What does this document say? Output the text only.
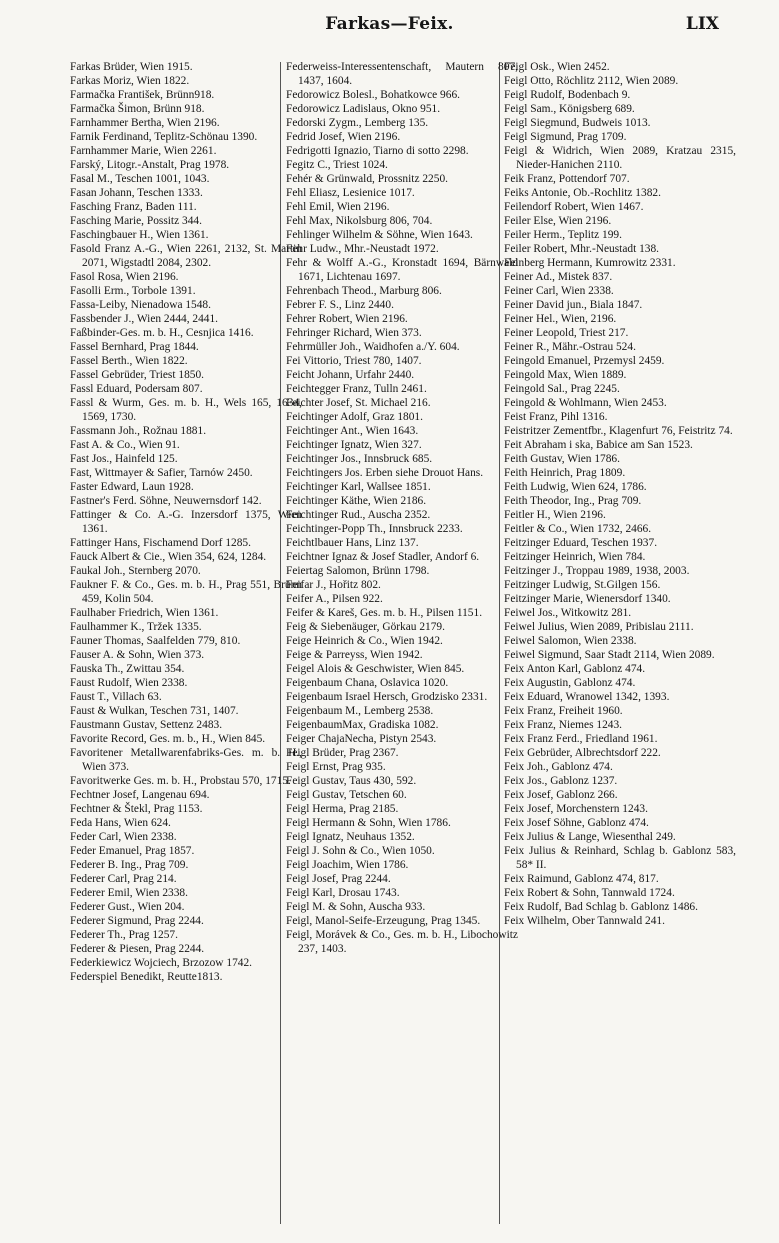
Farkas—Feix.	LIX
Farkas Brüder, Wien 1915.
Farkas Moriz, Wien 1822.
Farmačka František, Brünn918.
Farmačka Šimon, Brünn 918.
Farnhammer Bertha, Wien 2196.
Farnik Ferdinand, Teplitz-Schönau 1390.
Farnhammer Marie, Wien 2261.
Farský, Litogr.-Anstalt, Prag 1978.
Fasal M., Teschen 1001, 1043.
Fasan Johann, Teschen 1333.
Fasching Franz, Baden 111.
Fasching Marie, Possitz 344.
Faschingbauer H., Wien 1361.
Fasold Franz A.-G., Wien 2261, 2132, St. Martin 2071, Wigstadtl 2084, 2302.
Fasol Rosa, Wien 2196.
Fasolli Erm., Torbole 1391.
Fassa-Leiby, Nienadowa 1548.
Fassbender J., Wien 2444, 2441.
Faßbinder-Ges. m. b. H., Cesnjica 1416.
Fassel Bernhard, Prag 1844.
Fassel Berth., Wien 1822.
Fassel Gebrüder, Triest 1850.
Fassl Eduard, Podersam 807.
Fassl & Wurm, Ges. m. b. H., Wels 165, 1634, 1569, 1730.
Fassmann Joh., Rožnau 1881.
Fast A. & Co., Wien 91.
Fast Jos., Hainfeld 125.
Fast, Wittmayer & Safier, Tarnów 2450.
Faster Edward, Laun 1928.
Fastner's Ferd. Söhne, Neuwernsdorf 142.
Fattinger & Co. A.-G. Inzersdorf 1375, Wien 1361.
Fattinger Hans, Fischamend Dorf 1285.
Fauck Albert & Cie., Wien 354, 624, 1284.
Faukal Joh., Sternberg 2070.
Faukner F. & Co., Ges. m. b. H., Prag 551, Brünn 459, Kolin 504.
Faulhaber Friedrich, Wien 1361.
Faulhammer K., Tržek 1335.
Fauner Thomas, Saalfelden 779, 810.
Fauser A. & Sohn, Wien 373.
Fauska Th., Zwittau 354.
Faust Rudolf, Wien 2338.
Faust T., Villach 63.
Faust & Wulkan, Teschen 731, 1407.
Faustmann Gustav, Settenz 2483.
Favorite Record, Ges. m. b., H., Wien 845.
Favoritener Metallwarenfabriks-Ges. m. b. H., Wien 373.
Favoritwerke Ges. m. b. H., Probstau 570, 1715.
Fechtner Josef, Langenau 694.
Fechtner & Štekl, Prag 1153.
Feda Hans, Wien 624.
Feder Carl, Wien 2338.
Feder Emanuel, Prag 1857.
Federer B. Ing., Prag 709.
Federer Carl, Prag 214.
Federer Emil, Wien 2338.
Federer Gust., Wien 204.
Federer Sigmund, Prag 2244.
Federer Th., Prag 1257.
Federer & Piesen, Prag 2244.
Federkiewicz Wojciech, Brzozow 1742.
Federspiel Benedikt, Reutte1813.
Federweiss-Interessentenschaft, Mautern 807, 1437, 1604.
Fedorowicz Bolesl., Bohatkowce 966.
Fedorowicz Ladislaus, Okno 951.
Fedorski Zygm., Lemberg 135.
Fedrid Josef, Wien 2196.
Fedrigotti Ignazio, Tiarno di sotto 2298.
Fegitz C., Triest 1024.
Fehér & Grünwald, Prossnitz 2250.
Fehl Eliasz, Lesienice 1017.
Fehl Emil, Wien 2196.
Fehl Max, Nikolsburg 806, 704.
Fehlinger Wilhelm & Söhne, Wien 1643.
Fehr Ludw., Mhr.-Neustadt 1972.
Fehr & Wolff A.-G., Kronstadt 1694, Bärnwald 1671, Lichtenau 1697.
Fehrenbach Theod., Marburg 806.
Febrer F. S., Linz 2440.
Fehrer Robert, Wien 2196.
Fehringer Richard, Wien 373.
Fehrmüller Joh., Waidhofen a./Y. 604.
Fei Vittorio, Triest 780, 1407.
Feicht Johann, Urfahr 2440.
Feichtegger Franz, Tulln 2461.
Feichter Josef, St. Michael 216.
Feichtinger Adolf, Graz 1801.
Feichtinger Ant., Wien 1643.
Feichtinger Ignatz, Wien 327.
Feichtinger Jos., Innsbruck 685.
Feichtingers Jos. Erben siehe Drouot Hans.
Feichtinger Karl, Wallsee 1851.
Feichtinger Käthe, Wien 2186.
Feichtinger Rud., Auscha 2352.
Feichtinger-Popp Th., Innsbruck 2233.
Feichtlbauer Hans, Linz 137.
Feichtner Ignaz & Josef Stadler, Andorf 6.
Feiertag Salomon, Brünn 1798.
Feifar J., Hořitz 802.
Feifer A., Pilsen 922.
Feifer & Kareš, Ges. m. b. H., Pilsen 1151.
Feig & Siebenäuger, Görkau 2179.
Feige Heinrich & Co., Wien 1942.
Feige & Parreyss, Wien 1942.
Feigel Alois & Geschwister, Wien 845.
Feigenbaum Chana, Oslavica 1020.
Feigenbaum Israel Hersch, Grodzisko 2331.
Feigenbaum M., Lemberg 2538.
FeigenbaumMax, Gradiska 1082.
Feiger ChajaNecha, Pistyn 2543.
Feigl Brüder, Prag 2367.
Feigl Ernst, Prag 935.
Feigl Gustav, Taus 430, 592.
Feigl Gustav, Tetschen 60.
Feigl Herma, Prag 2185.
Feigl Hermann & Sohn, Wien 1786.
Feigl Ignatz, Neuhaus 1352.
Feigl J. Sohn & Co., Wien 1050.
Feigl Joachim, Wien 1786.
Feigl Josef, Prag 2244.
Feigl Karl, Drosau 1743.
Feigl M. & Sohn, Auscha 933.
Feigl, Manol-Seife-Erzeugung, Prag 1345.
Feigl, Morávek & Co., Ges. m. b. H., Libochowitz 237, 1403.
Feigl Osk., Wien 2452.
Feigl Otto, Röchlitz 2112, Wien 2089.
Feigl Rudolf, Bodenbach 9.
Feigl Sam., Königsberg 689.
Feigl Siegmund, Budweis 1013.
Feigl Sigmund, Prag 1709.
Feigl & Widrich, Wien 2089, Kratzau 2315, Nieder-Hanichen 2110.
Feik Franz, Pottendorf 707.
Feiks Antonie, Ob.-Rochlitz 1382.
Feilendorf Robert, Wien 1467.
Feiler Else, Wien 2196.
Feiler Herm., Teplitz 199.
Feiler Robert, Mhr.-Neustadt 138.
Feinberg Hermann, Kumrowitz 2331.
Feiner Ad., Mistek 837.
Feiner Carl, Wien 2338.
Feiner David jun., Biala 1847.
Feiner Hel., Wien, 2196.
Feiner Leopold, Triest 217.
Feiner R., Mähr.-Ostrau 524.
Feingold Emanuel, Przemysl 2459.
Feingold Max, Wien 1889.
Feingold Sal., Prag 2245.
Feingold & Wohlmann, Wien 2453.
Feist Franz, Pihl 1316.
Feistritzer Zementfbr., Klagenfurt 76, Feistritz 74.
Feit Abraham i ska, Babice am San 1523.
Feith Gustav, Wien 1786.
Feith Heinrich, Prag 1809.
Feith Ludwig, Wien 624, 1786.
Feith Theodor, Ing., Prag 709.
Feitler H., Wien 2196.
Feitler & Co., Wien 1732, 2466.
Feitzinger Eduard, Teschen 1937.
Feitzinger Heinrich, Wien 784.
Feitzinger J., Troppau 1989, 1938, 2003.
Feitzinger Ludwig, St.Gilgen 156.
Feitzinger Marie, Wienersdorf 1340.
Feiwel Jos., Witkowitz 281.
Feiwel Julius, Wien 2089, Pribislau 2111.
Feiwel Salomon, Wien 2338.
Feiwel Sigmund, Saar Stadt 2114, Wien 2089.
Feix Anton Karl, Gablonz 474.
Feix Augustin, Gablonz 474.
Feix Eduard, Wranowel 1342, 1393.
Feix Franz, Freiheit 1960.
Feix Franz, Niemes 1243.
Feix Franz Ferd., Friedland 1961.
Feix Gebrüder, Albrechtsdorf 222.
Feix Joh., Gablonz 474.
Feix Jos., Gablonz 1237.
Feix Josef, Gablonz 266.
Feix Josef, Morchenstern 1243.
Feix Josef Söhne, Gablonz 474.
Feix Julius & Lange, Wiesenthal 249.
Feix Julius & Reinhard, Schlag b. Gablonz 583, 58* II.
Feix Raimund, Gablonz 474, 817.
Feix Robert & Sohn, Tannwald 1724.
Feix Rudolf, Bad Schlag b. Gablonz 1486.
Feix Wilhelm, Ober Tannwald 241.
